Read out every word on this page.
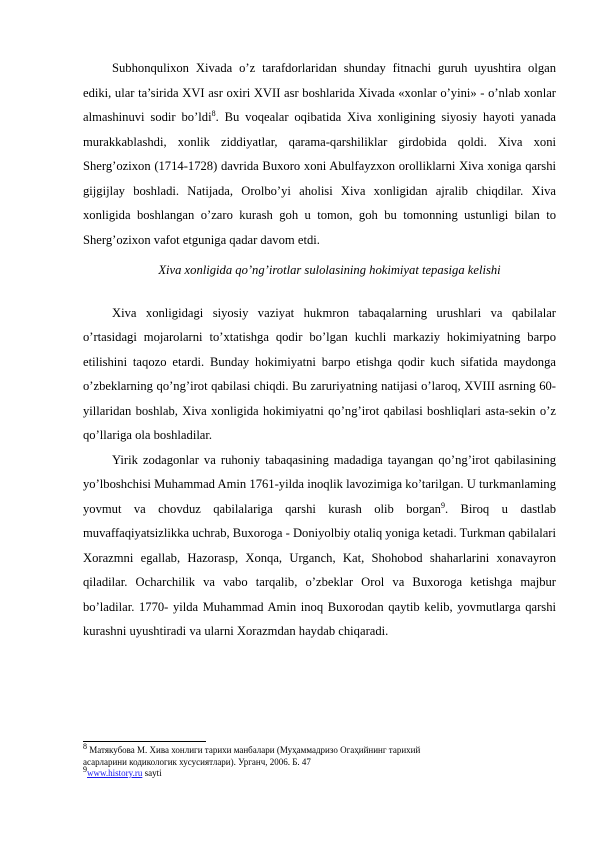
Subhonqulixon Xivada o’z tarafdorlaridan shunday fitnachi guruh uyushtira olgan ediki, ular ta’sirida XVI asr oxiri XVII asr boshlarida Xivada «xonlar o’yini» - o’nlab xonlar almashinuvi sodir bo’ldi$^8$. Bu voqealar oqibatida Xiva xonligining siyosiy hayoti yanada murakkablashdi, xonlik ziddiyatlar, qarama-qarshiliklar girdobida qoldi. Xiva xoni Sherg’ozixon (1714-1728) davrida Buxoro xoni Abulfayzxon orolliklarni Xiva xoniga qarshi gijgijlay boshladi. Natijada, Orolbo’yi aholisi Xiva xonligidan ajralib chiqdilar. Xiva xonligida boshlangan o’zaro kurash goh u tomon, goh bu tomonning ustunligi bilan to Sherg’ozixon vafot etguniga qadar davom etdi.

Xiva xonligida qo’ng’irotlar sulolasining hokimiyat tepasiga kelishi

Xiva xonligidagi siyosiy vaziyat hukmron tabaqalarning urushlari va qabilalar o’rtasidagi mojarolarni to’xtatishga qodir bo’lgan kuchli markaziy hokimiyatning barpo etilishini taqozo etardi. Bunday hokimiyatni barpo etishga qodir kuch sifatida maydonga o’zbeklarning qo’ng’irot qabilasi chiqdi. Bu zaruriyatning natijasi o’laroq, XVIII asrning 60- yillaridan boshlab, Xiva xonligida hokimiyatni qo’ng’irot qabilasi boshliqlari asta-sekin o’z qo’llariga ola boshladilar.

Yirik zodagonlar va ruhoniy tabaqasining madadiga tayangan qo’ng’irot qabilasining yo’lboshchisi Muhammad Amin 1761-yilda inoqlik lavozimiga ko’tarilgan. U turkmanlaming yovmut va chovduz qabilalariga qarshi kurash olib borgan$^9$. Biroq u dastlab muvaffaqiyatsizlikka uchrab, Buxoroga - Doniyolbiy otaliq yoniga ketadi. Turkman qabilalari Xorazmni egallab, Hazorasp, Xonqa, Urganch, Kat, Shohobod shaharlarini xonavayron qiladilar. Ocharchilik va vabo tarqalib, o’zbeklar Orol va Buxoroga ketishga majbur bo’ladilar. 1770- yilda Muhammad Amin inoq Buxorodan qaytib kelib, yovmutlarga qarshi kurashni uyushtiradi va ularni Xorazmdan haydab chiqaradi.

8 Матякубова М. Хива хонлиги тарихи манбалари (Муҳаммадризо Огаҳийнинг тарихий

асарларини кодикологик хусусиятлари). Урганч, 2006. Б. 47

9www.history.ru sayti
